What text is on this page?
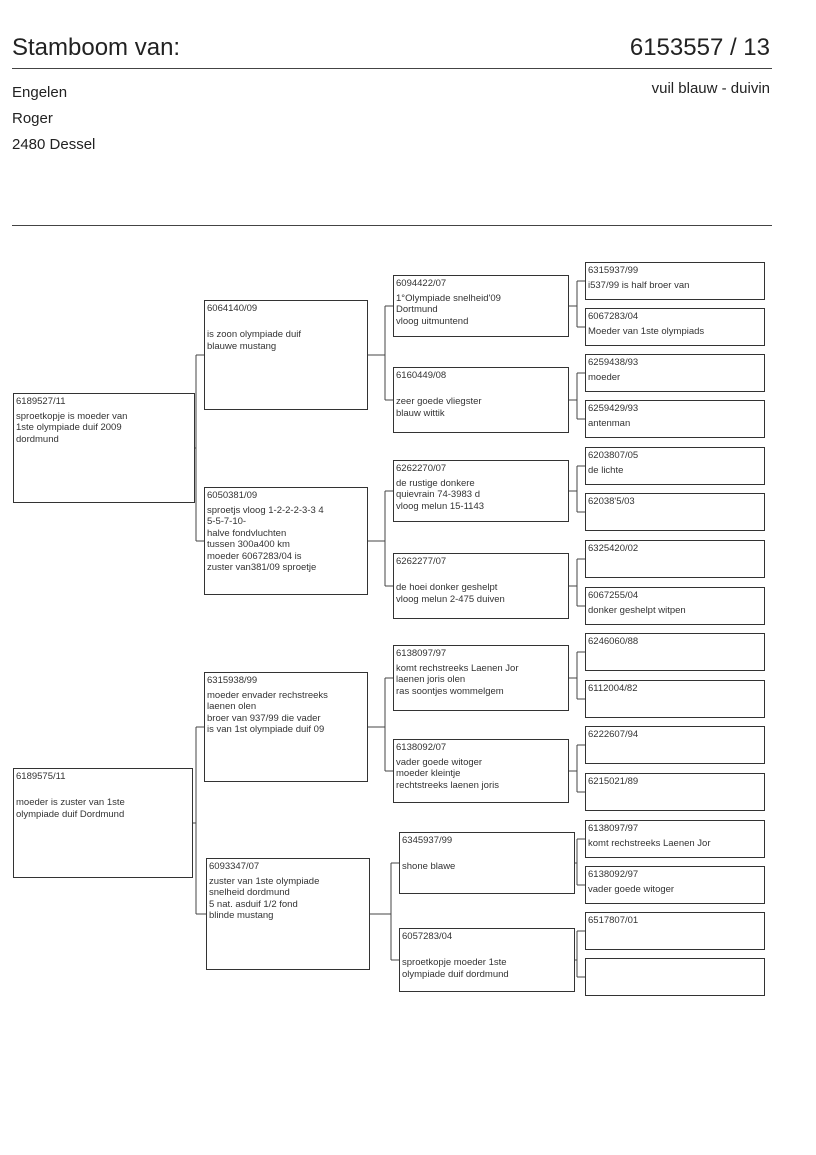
Stamboom van:	6153557 / 13
vuil blauw - duivin
Engelen
Roger
2480 Dessel
6189527/11
sproetkopje is moeder van
1ste olympiade duif 2009
dordmund
6189575/11

moeder is zuster van 1ste
olympiade duif Dordmund
6064140/09

is zoon olympiade duif
blauwe mustang
6050381/09
sproetjs vloog 1-2-2-2-3-3 4
5-5-7-10-
halve fondvluchten
tussen 300a400 km
moeder 6067283/04 is
zuster van381/09 sproetje
6315938/99
moeder envader rechstreeks
laenen olen
broer van 937/99 die vader
is van 1st olympiade duif 09
6093347/07
zuster van 1ste olympiade
snelheid dordmund
5 nat. asduif 1/2 fond
blinde mustang
6094422/07
1°Olympiade snelheid'09
Dortmund
vloog uitmuntend
6160449/08

zeer goede vliegster
blauw wittik
6262270/07
de rustige donkere
quievrain 74-3983 d
vloog melun 15-1143
6262277/07

de hoei donker geshelpt
vloog melun 2-475 duiven
6138097/97
komt rechstreeks Laenen Jor
laenen joris olen
ras soontjes wommelgem
6138092/07
vader goede witoger
moeder kleintje
rechtstreeks laenen joris
6345937/99

shone blawe
6057283/04

sproetkopje moeder 1ste
olympiade duif dordmund
6315937/99
i537/99 is half broer van
6067283/04
Moeder van 1ste olympiads
6259438/93
moeder
6259429/93
antenman
6203807/05
de lichte
62038'5/03
6325420/02
6067255/04
donker geshelpt witpen
6246060/88
6112004/82
6222607/94
6215021/89
6138097/97
komt rechstreeks Laenen Jor
6138092/97
vader goede witoger
6517807/01
